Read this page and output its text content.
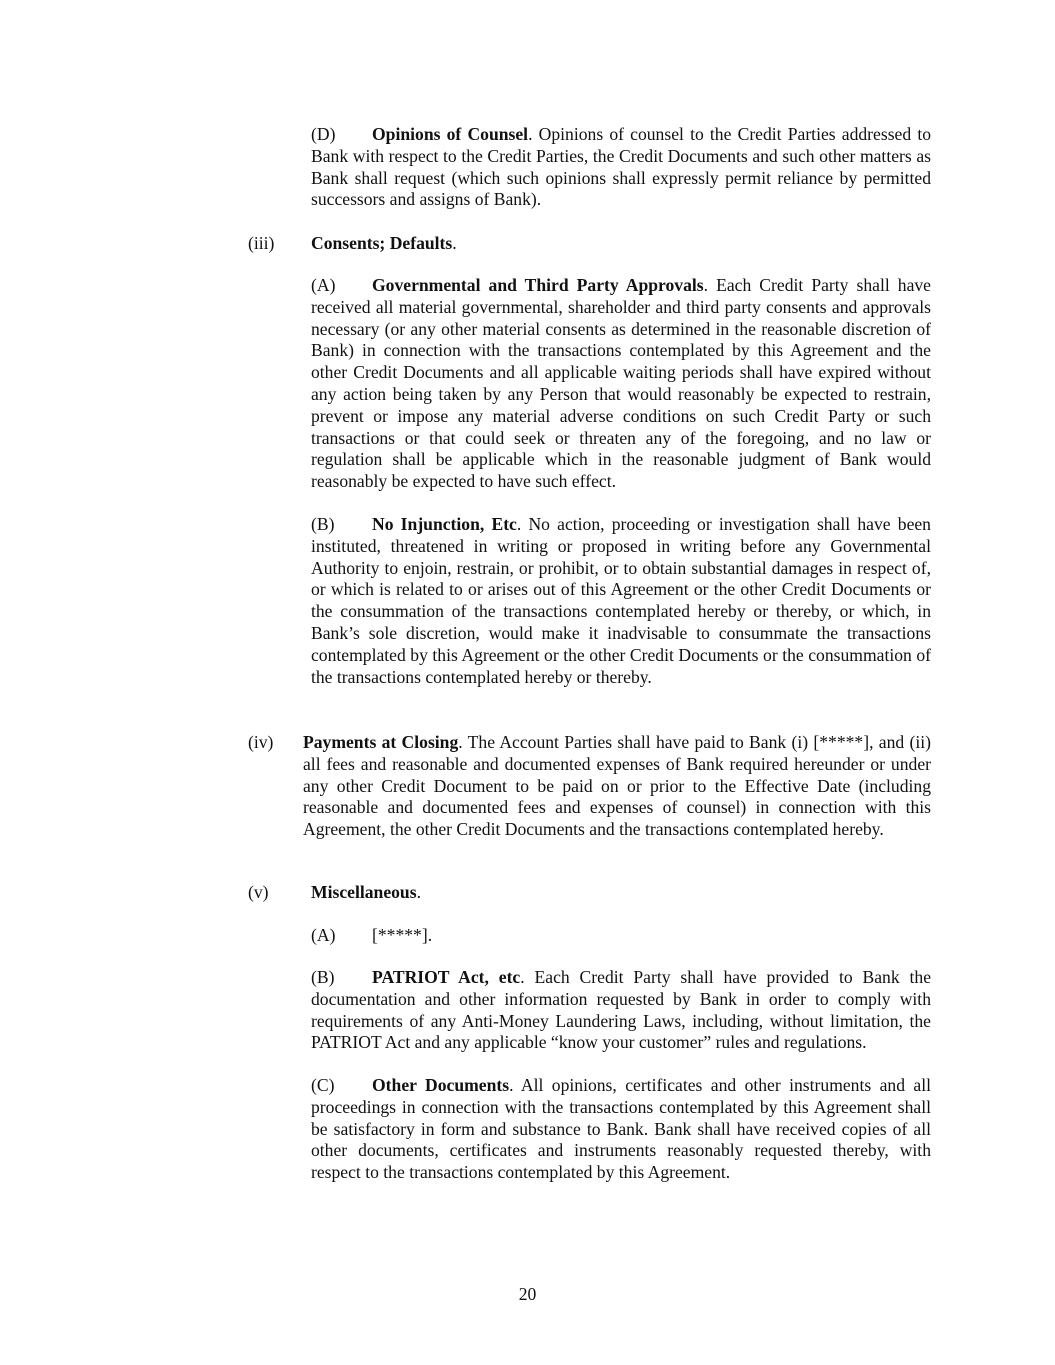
(D) Opinions of Counsel. Opinions of counsel to the Credit Parties addressed to Bank with respect to the Credit Parties, the Credit Documents and such other matters as Bank shall request (which such opinions shall expressly permit reliance by permitted successors and assigns of Bank).

(iii) Consents; Defaults.

(A) Governmental and Third Party Approvals. Each Credit Party shall have received all material governmental, shareholder and third party consents and approvals necessary (or any other material consents as determined in the reasonable discretion of Bank) in connection with the transactions contemplated by this Agreement and the other Credit Documents and all applicable waiting periods shall have expired without any action being taken by any Person that would reasonably be expected to restrain, prevent or impose any material adverse conditions on such Credit Party or such transactions or that could seek or threaten any of the foregoing, and no law or regulation shall be applicable which in the reasonable judgment of Bank would reasonably be expected to have such effect.

(B) No Injunction, Etc. No action, proceeding or investigation shall have been instituted, threatened in writing or proposed in writing before any Governmental Authority to enjoin, restrain, or prohibit, or to obtain substantial damages in respect of, or which is related to or arises out of this Agreement or the other Credit Documents or the consummation of the transactions contemplated hereby or thereby, or which, in Bank’s sole discretion, would make it inadvisable to consummate the transactions contemplated by this Agreement or the other Credit Documents or the consummation of the transactions contemplated hereby or thereby.

(iv) Payments at Closing. The Account Parties shall have paid to Bank (i) [*****], and (ii) all fees and reasonable and documented expenses of Bank required hereunder or under any other Credit Document to be paid on or prior to the Effective Date (including reasonable and documented fees and expenses of counsel) in connection with this Agreement, the other Credit Documents and the transactions contemplated hereby.

(v) Miscellaneous.

(A) [*****].

(B) PATRIOT Act, etc. Each Credit Party shall have provided to Bank the documentation and other information requested by Bank in order to comply with requirements of any Anti-Money Laundering Laws, including, without limitation, the PATRIOT Act and any applicable “know your customer” rules and regulations.

(C) Other Documents. All opinions, certificates and other instruments and all proceedings in connection with the transactions contemplated by this Agreement shall be satisfactory in form and substance to Bank. Bank shall have received copies of all other documents, certificates and instruments reasonably requested thereby, with respect to the transactions contemplated by this Agreement.

20
